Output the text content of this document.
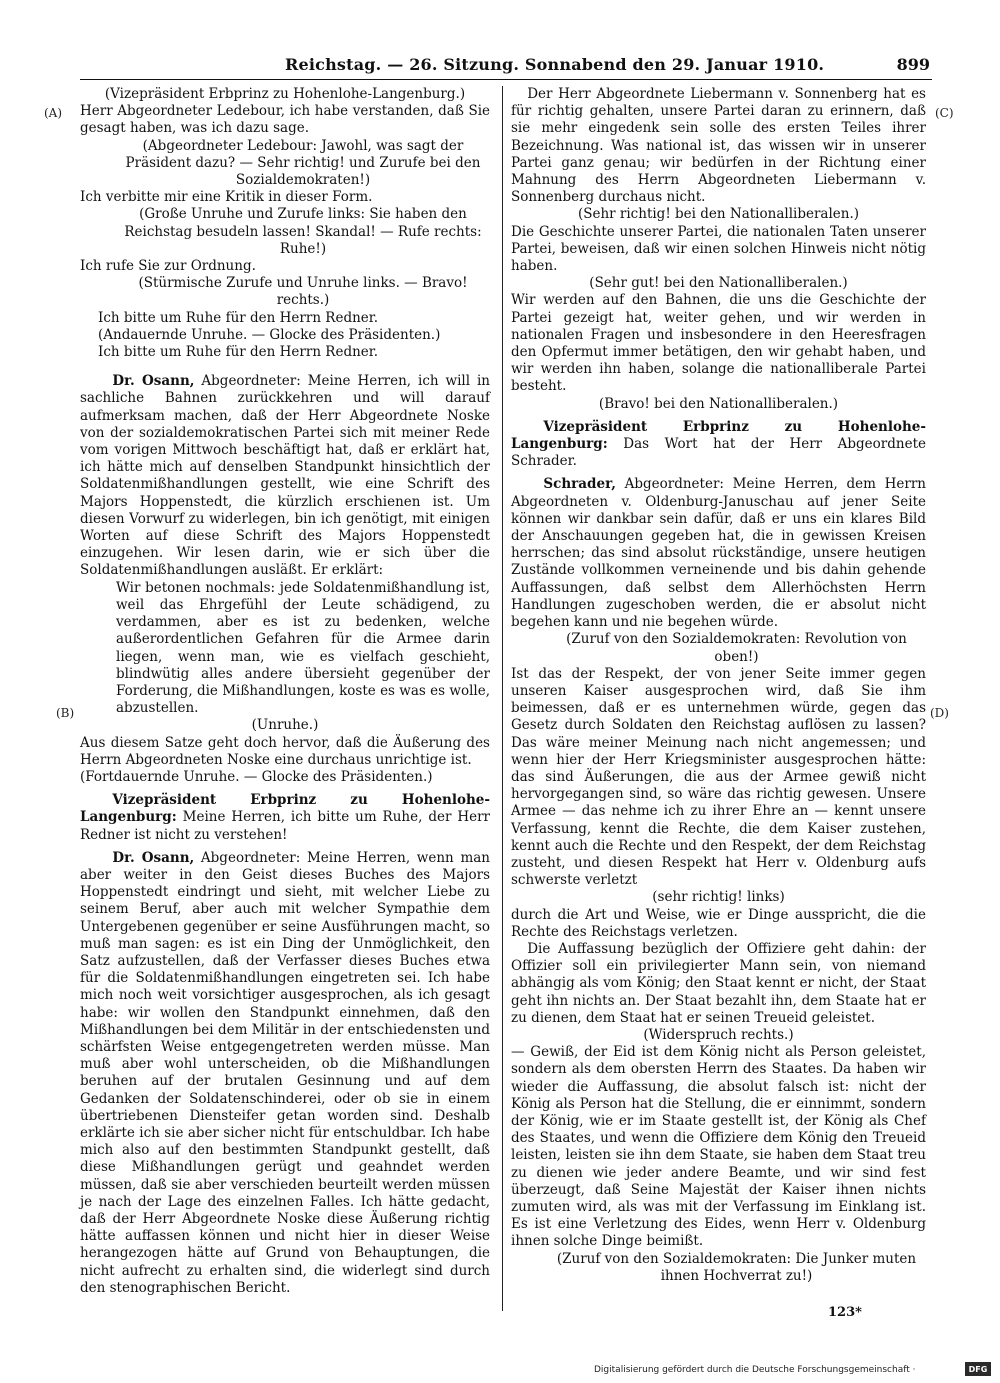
Reichstag. — 26. Sitzung. Sonnabend den 29. Januar 1910.	899
(A)
(B)
(C)
(D)

(Vizepräsident Erbprinz zu Hohenlohe-Langenburg.)

Herr Abgeordneter Ledebour, ich habe verstanden, daß Sie gesagt haben, was ich dazu sage.

(Abgeordneter Ledebour: Jawohl, was sagt der Präsident dazu? — Sehr richtig! und Zurufe bei den Sozialdemokraten!)

Ich verbitte mir eine Kritik in dieser Form.

(Große Unruhe und Zurufe links: Sie haben den Reichstag besudeln lassen! Skandal! — Rufe rechts: Ruhe!)

Ich rufe Sie zur Ordnung.

(Stürmische Zurufe und Unruhe links. — Bravo! rechts.)

Ich bitte um Ruhe für den Herrn Redner.

(Andauernde Unruhe. — Glocke des Präsidenten.)

Ich bitte um Ruhe für den Herrn Redner.

Dr. Osann, Abgeordneter: Meine Herren, ich will in sachliche Bahnen zurückkehren und will darauf aufmerksam machen, daß der Herr Abgeordnete Noske von der sozialdemokratischen Partei sich mit meiner Rede vom vorigen Mittwoch beschäftigt hat, daß er erklärt hat, ich hätte mich auf denselben Standpunkt hinsichtlich der Soldatenmißhandlungen gestellt, wie eine Schrift des Majors Hoppenstedt, die kürzlich erschienen ist. Um diesen Vorwurf zu widerlegen, bin ich genötigt, mit einigen Worten auf diese Schrift des Majors Hoppenstedt einzugehen. Wir lesen darin, wie er sich über die Soldatenmißhandlungen ausläßt. Er erklärt:

Wir betonen nochmals: jede Soldatenmißhandlung ist, weil das Ehrgefühl der Leute schädigend, zu verdammen, aber es ist zu bedenken, welche außerordentlichen Gefahren für die Armee darin liegen, wenn man, wie es vielfach geschieht, blindwütig alles andere übersieht gegenüber der Forderung, die Mißhandlungen, koste es was es wolle, abzustellen.

(Unruhe.)

Aus diesem Satze geht doch hervor, daß die Äußerung des Herrn Abgeordneten Noske eine durchaus unrichtige ist.

(Fortdauernde Unruhe. — Glocke des Präsidenten.)

Vizepräsident Erbprinz zu Hohenlohe-Langenburg: Meine Herren, ich bitte um Ruhe, der Herr Redner ist nicht zu verstehen!

Dr. Osann, Abgeordneter: Meine Herren, wenn man aber weiter in den Geist dieses Buches des Majors Hoppenstedt eindringt und sieht, mit welcher Liebe zu seinem Beruf, aber auch mit welcher Sympathie dem Untergebenen gegenüber er seine Ausführungen macht, so muß man sagen: es ist ein Ding der Unmöglichkeit, den Satz aufzustellen, daß der Verfasser dieses Buches etwa für die Soldatenmißhandlungen eingetreten sei. Ich habe mich noch weit vorsichtiger ausgesprochen, als ich gesagt habe: wir wollen den Standpunkt einnehmen, daß den Mißhandlungen bei dem Militär in der entschiedensten und schärfsten Weise entgegengetreten werden müsse. Man muß aber wohl unterscheiden, ob die Mißhandlungen beruhen auf der brutalen Gesinnung und auf dem Gedanken der Soldatenschinderei, oder ob sie in einem übertriebenen Diensteifer getan worden sind. Deshalb erklärte ich sie aber sicher nicht für entschuldbar. Ich habe mich also auf den bestimmten Standpunkt gestellt, daß diese Mißhandlungen gerügt und geahndet werden müssen, daß sie aber verschieden beurteilt werden müssen je nach der Lage des einzelnen Falles. Ich hätte gedacht, daß der Herr Abgeordnete Noske diese Äußerung richtig hätte auffassen können und nicht hier in dieser Weise herangezogen hätte auf Grund von Behauptungen, die nicht aufrecht zu erhalten sind, die widerlegt sind durch den stenographischen Bericht.

Der Herr Abgeordnete Liebermann v. Sonnenberg hat es für richtig gehalten, unsere Partei daran zu erinnern, daß sie mehr eingedenk sein solle des ersten Teiles ihrer Bezeichnung. Was national ist, das wissen wir in unserer Partei ganz genau; wir bedürfen in der Richtung einer Mahnung des Herrn Abgeordneten Liebermann v. Sonnenberg durchaus nicht.

(Sehr richtig! bei den Nationalliberalen.)

Die Geschichte unserer Partei, die nationalen Taten unserer Partei, beweisen, daß wir einen solchen Hinweis nicht nötig haben.

(Sehr gut! bei den Nationalliberalen.)

Wir werden auf den Bahnen, die uns die Geschichte der Partei gezeigt hat, weiter gehen, und wir werden in nationalen Fragen und insbesondere in den Heeresfragen den Opfermut immer betätigen, den wir gehabt haben, und wir werden ihn haben, solange die nationalliberale Partei besteht.

(Bravo! bei den Nationalliberalen.)

Vizepräsident Erbprinz zu Hohenlohe-Langenburg: Das Wort hat der Herr Abgeordnete Schrader.

Schrader, Abgeordneter: Meine Herren, dem Herrn Abgeordneten v. Oldenburg-Januschau auf jener Seite können wir dankbar sein dafür, daß er uns ein klares Bild der Anschauungen gegeben hat, die in gewissen Kreisen herrschen; das sind absolut rückständige, unsere heutigen Zustände vollkommen verneinende und bis dahin gehende Auffassungen, daß selbst dem Allerhöchsten Herrn Handlungen zugeschoben werden, die er absolut nicht begehen kann und nie begehen würde.

(Zuruf von den Sozialdemokraten: Revolution von oben!)

Ist das der Respekt, der von jener Seite immer gegen unseren Kaiser ausgesprochen wird, daß Sie ihm beimessen, daß er es unternehmen würde, gegen das Gesetz durch Soldaten den Reichstag auflösen zu lassen? Das wäre meiner Meinung nach nicht angemessen; und wenn hier der Herr Kriegsminister ausgesprochen hätte: das sind Äußerungen, die aus der Armee gewiß nicht hervorgegangen sind, so wäre das richtig gewesen. Unsere Armee — das nehme ich zu ihrer Ehre an — kennt unsere Verfassung, kennt die Rechte, die dem Kaiser zustehen, kennt auch die Rechte und den Respekt, der dem Reichstag zusteht, und diesen Respekt hat Herr v. Oldenburg aufs schwerste verletzt

(sehr richtig! links)

durch die Art und Weise, wie er Dinge ausspricht, die die Rechte des Reichstags verletzen.

Die Auffassung bezüglich der Offiziere geht dahin: der Offizier soll ein privilegierter Mann sein, von niemand abhängig als vom König; den Staat kennt er nicht, der Staat geht ihn nichts an. Der Staat bezahlt ihn, dem Staate hat er zu dienen, dem Staat hat er seinen Treueid geleistet.

(Widerspruch rechts.)

— Gewiß, der Eid ist dem König nicht als Person geleistet, sondern als dem obersten Herrn des Staates. Da haben wir wieder die Auffassung, die absolut falsch ist: nicht der König als Person hat die Stellung, die er einnimmt, sondern der König, wie er im Staate gestellt ist, der König als Chef des Staates, und wenn die Offiziere dem König den Treueid leisten, leisten sie ihn dem Staate, sie haben dem Staat treu zu dienen wie jeder andere Beamte, und wir sind fest überzeugt, daß Seine Majestät der Kaiser ihnen nichts zumuten wird, als was mit der Verfassung im Einklang ist. Es ist eine Verletzung des Eides, wenn Herr v. Oldenburg ihnen solche Dinge beimißt.

(Zuruf von den Sozialdemokraten: Die Junker muten ihnen Hochverrat zu!)

123*
Digitalisierung gefördert durch die Deutsche Forschungsgemeinschaft ·	DFG
